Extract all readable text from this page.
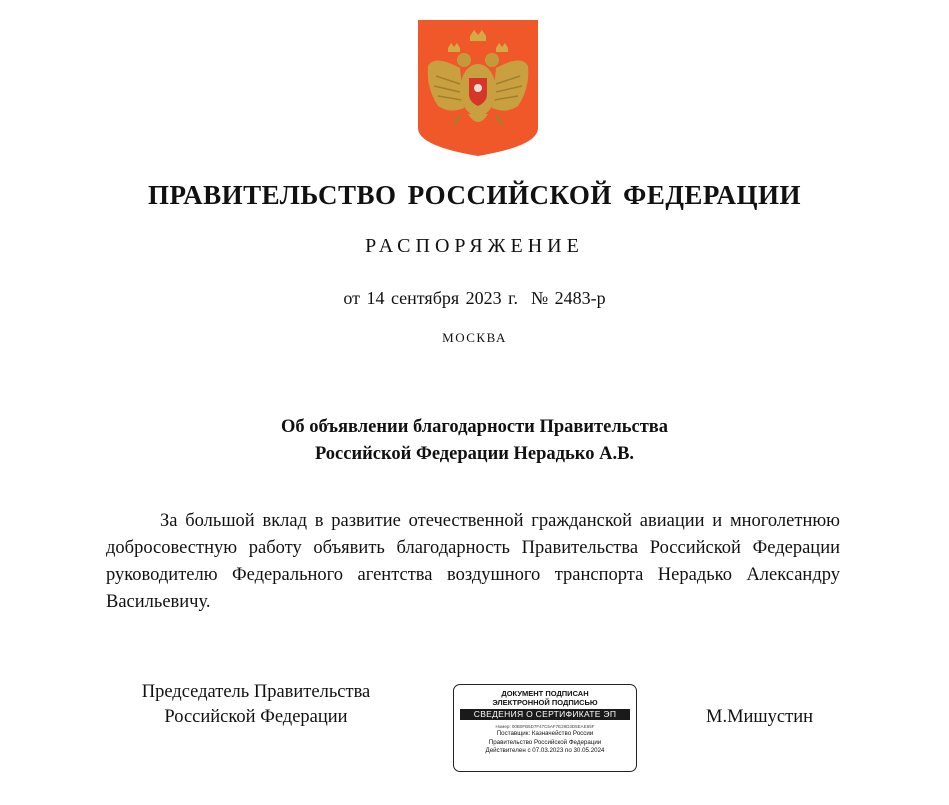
ПРАВИТЕЛЬСТВО РОССИЙСКОЙ ФЕДЕРАЦИИ
РАСПОРЯЖЕНИЕ
от 14 сентября 2023 г.  № 2483-р
МОСКВА
Об объявлении благодарности Правительства
Российской Федерации Нерадько А.В.
За большой вклад в развитие отечественной гражданской авиации и многолетнюю добросовестную работу объявить благодарность Правительства Российской Федерации руководителю Федерального агентства воздушного транспорта Нерадько Александру Васильевичу.
Председатель Правительства
Российской Федерации
ДОКУМЕНТ ПОДПИСАН
ЭЛЕКТРОННОЙ ПОДПИСЬЮ
СВЕДЕНИЯ О СЕРТИФИКАТЕ ЭП
Номер: 00B0FB5D7F47C5AF7E29D3D5EAE65F
Поставщик: Казначейство России
Правительство Российской Федерации
Действителен с 07.03.2023 по 30.05.2024
М.Мишустин
